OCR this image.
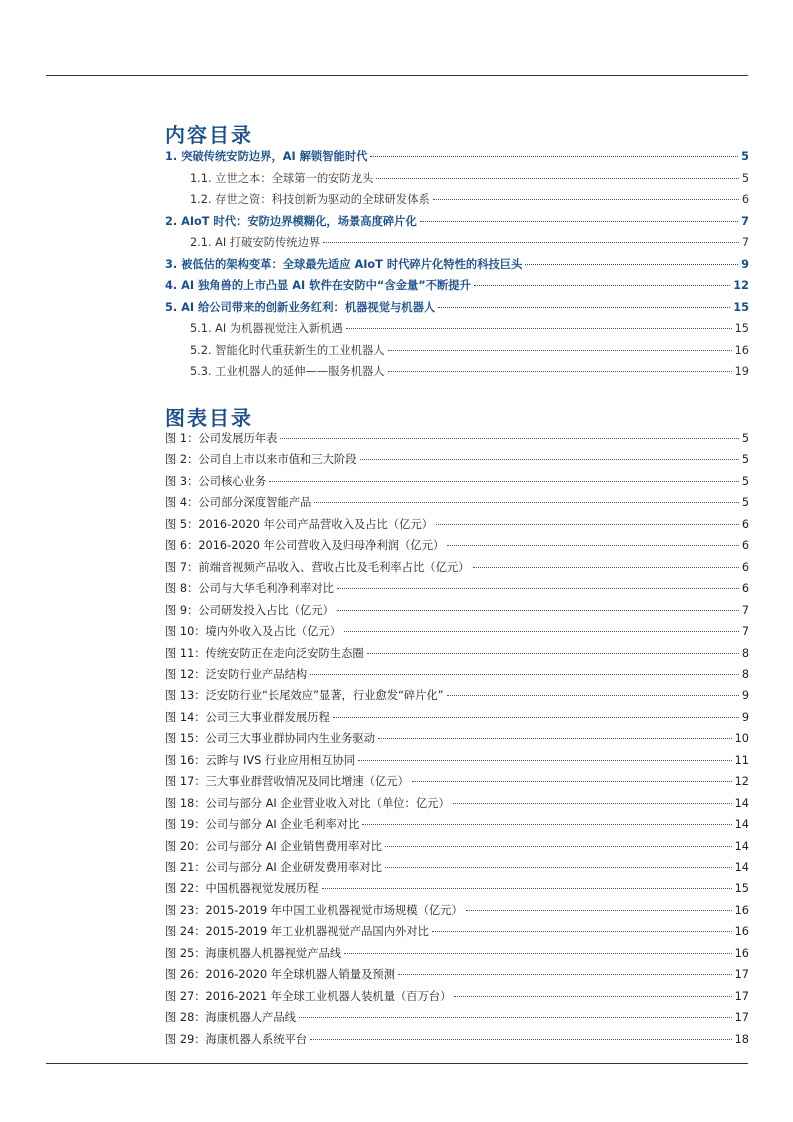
内容目录
1. 突破传统安防边界，AI 解锁智能时代	5
1.1. 立世之本：全球第一的安防龙头	5
1.2. 存世之资：科技创新为驱动的全球研发体系	6
2. AIoT 时代：安防边界模糊化，场景高度碎片化	7
2.1. AI 打破安防传统边界	7
3. 被低估的架构变革：全球最先适应 AIoT 时代碎片化特性的科技巨头	9
4. AI 独角兽的上市凸显 AI 软件在安防中“含金量”不断提升	12
5. AI 给公司带来的创新业务红利：机器视觉与机器人	15
5.1. AI 为机器视觉注入新机遇	15
5.2. 智能化时代重获新生的工业机器人	16
5.3. 工业机器人的延伸——服务机器人	19
图表目录
图 1：公司发展历年表	5
图 2：公司自上市以来市值和三大阶段	5
图 3：公司核心业务	5
图 4：公司部分深度智能产品	5
图 5：2016-2020 年公司产品营收入及占比（亿元）	6
图 6：2016-2020 年公司营收入及归母净利润（亿元）	6
图 7：前端音视频产品收入、营收占比及毛利率占比（亿元）	6
图 8：公司与大华毛利净利率对比	6
图 9：公司研发投入占比（亿元）	7
图 10：境内外收入及占比（亿元）	7
图 11：传统安防正在走向泛安防生态圈	8
图 12：泛安防行业产品结构	8
图 13：泛安防行业“长尾效应”显著，行业愈发“碎片化”	9
图 14：公司三大事业群发展历程	9
图 15：公司三大事业群协同内生业务驱动	10
图 16：云眸与 IVS 行业应用相互协同	11
图 17：三大事业群营收情况及同比增速（亿元）	12
图 18：公司与部分 AI 企业营业收入对比（单位：亿元）	14
图 19：公司与部分 AI 企业毛利率对比	14
图 20：公司与部分 AI 企业销售费用率对比	14
图 21：公司与部分 AI 企业研发费用率对比	14
图 22：中国机器视觉发展历程	15
图 23：2015-2019 年中国工业机器视觉市场规模（亿元）	16
图 24：2015-2019 年工业机器视觉产品国内外对比	16
图 25：海康机器人机器视觉产品线	16
图 26：2016-2020 年全球机器人销量及预测	17
图 27：2016-2021 年全球工业机器人装机量（百万台）	17
图 28：海康机器人产品线	17
图 29：海康机器人系统平台	18
